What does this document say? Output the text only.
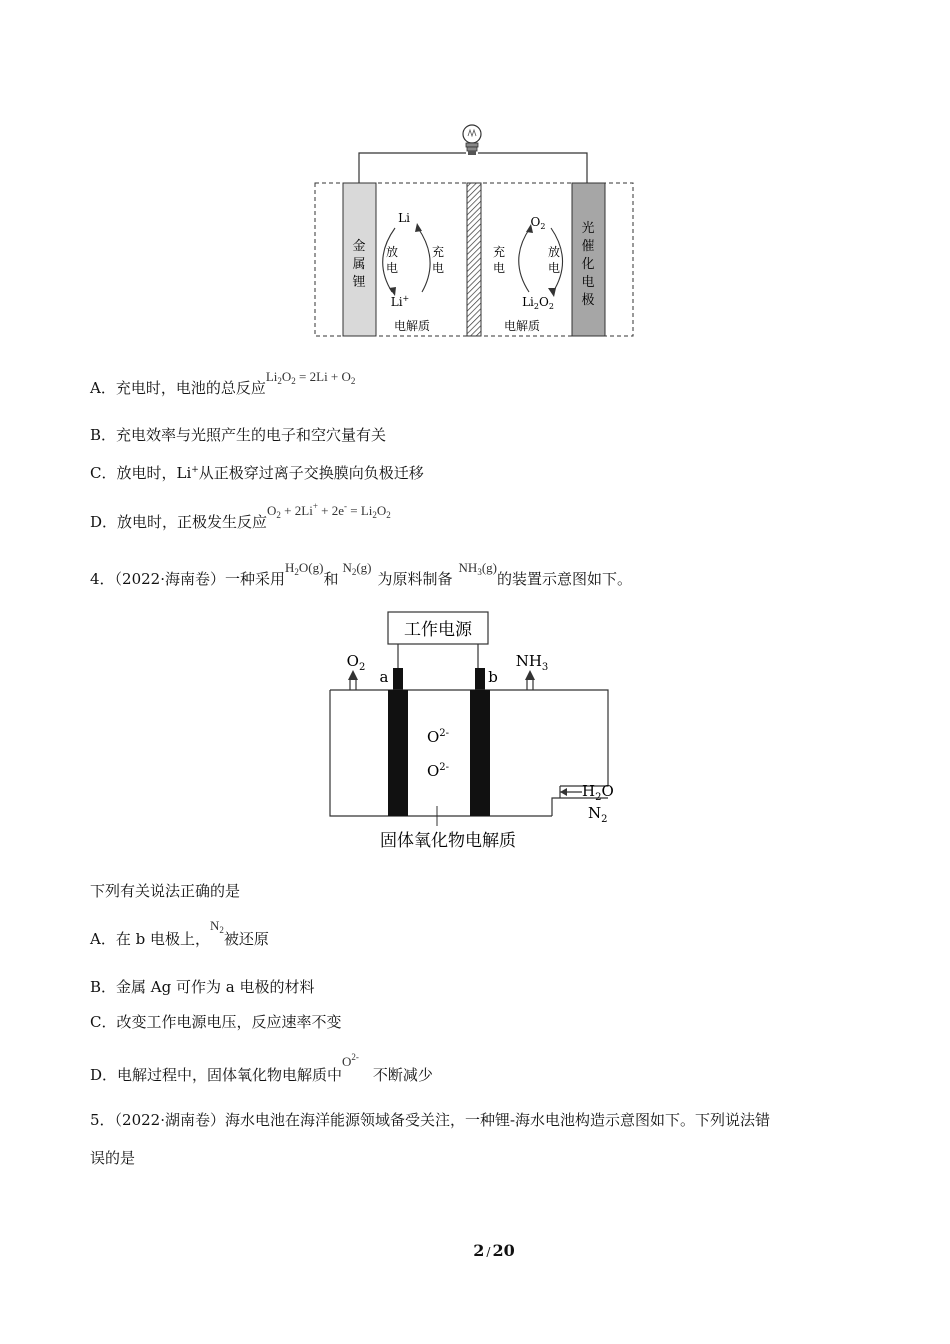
金
属
锂
光
催
化
电
极
Li
Li+
放
电
充
电
电解质
$O_2$
$Li_2O_2$
充
电
放
电
电解质
A．充电时，电池的总反应$Li_2O_2 = 2Li + O_2$
B．充电效率与光照产生的电子和空穴量有关
C．放电时，Li+从正极穿过离子交换膜向负极迁移
D．放电时，正极发生反应$O_2 + 2Li^+ + 2e^- = Li_2O_2$
4．（2022·海南卷）一种采用$H_2O(g)$和$N_2(g)$为原料制备$NH_3(g)$的装置示意图如下。
工作电源
$O_2$	$NH_3$
a	b
$O^{2-}$
$O^{2-}$
$H_2O$
$N_2$
固体氧化物电解质
下列有关说法正确的是
A．在 b 电极上，$N_2$被还原
B．金属 Ag 可作为 a 电极的材料
C．改变工作电源电压，反应速率不变
D．电解过程中，固体氧化物电解质中$O^{2-}$不断减少
5．（2022·湖南卷）海水电池在海洋能源领域备受关注，一种锂-海水电池构造示意图如下。下列说法错
误的是
2 / 20
